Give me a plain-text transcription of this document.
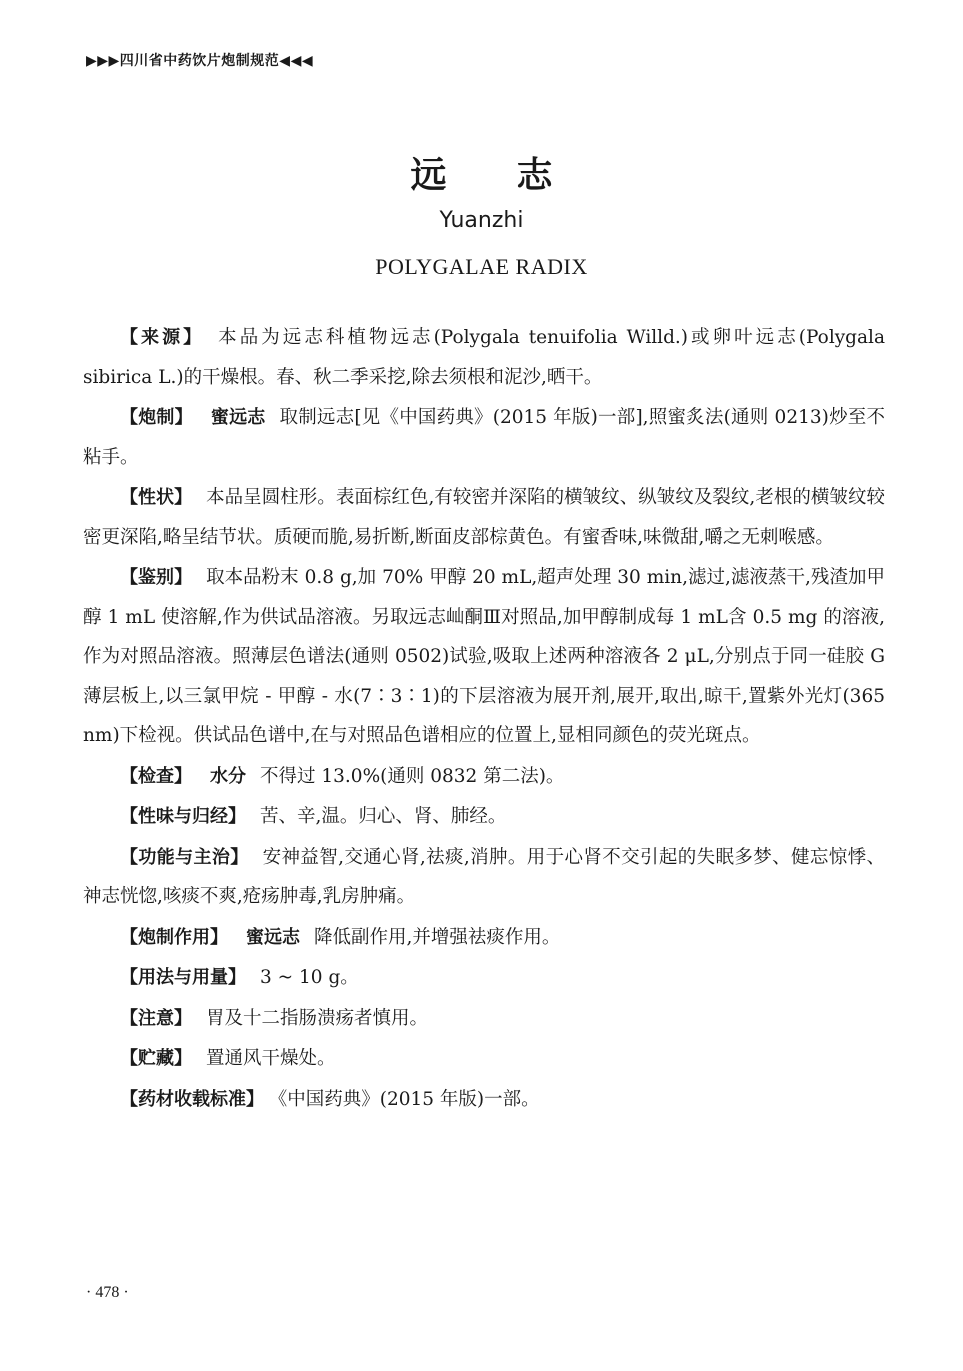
▶▶▶四川省中药饮片炮制规范◀◀◀
远志
Yuanzhi
POLYGALAE RADIX

【来源】 本品为远志科植物远志(Polygala tenuifolia Willd.)或卵叶远志(Polygala sibirica L.)的干燥根。春、秋二季采挖,除去须根和泥沙,晒干。

【炮制】 蜜远志 取制远志[见《中国药典》(2015 年版)一部],照蜜炙法(通则 0213)炒至不粘手。

【性状】 本品呈圆柱形。表面棕红色,有较密并深陷的横皱纹、纵皱纹及裂纹,老根的横皱纹较密更深陷,略呈结节状。质硬而脆,易折断,断面皮部棕黄色。有蜜香味,味微甜,嚼之无刺喉感。

【鉴别】 取本品粉末 0.8 g,加 70% 甲醇 20 mL,超声处理 30 min,滤过,滤液蒸干,残渣加甲醇 1 mL 使溶解,作为供试品溶液。另取远志屾酮Ⅲ对照品,加甲醇制成每 1 mL含 0.5 mg 的溶液,作为对照品溶液。照薄层色谱法(通则 0502)试验,吸取上述两种溶液各 2 μL,分别点于同一硅胶 G 薄层板上,以三氯甲烷 - 甲醇 - 水(7∶3∶1)的下层溶液为展开剂,展开,取出,晾干,置紫外光灯(365 nm)下检视。供试品色谱中,在与对照品色谱相应的位置上,显相同颜色的荧光斑点。

【检查】 水分 不得过 13.0%(通则 0832 第二法)。

【性味与归经】 苦、辛,温。归心、肾、肺经。

【功能与主治】 安神益智,交通心肾,祛痰,消肿。用于心肾不交引起的失眠多梦、健忘惊悸、神志恍惚,咳痰不爽,疮疡肿毒,乳房肿痛。

【炮制作用】 蜜远志 降低副作用,并增强祛痰作用。

【用法与用量】 3 ~ 10 g。

【注意】 胃及十二指肠溃疡者慎用。

【贮藏】 置通风干燥处。

【药材收载标准】 《中国药典》(2015 年版)一部。

· 478 ·
